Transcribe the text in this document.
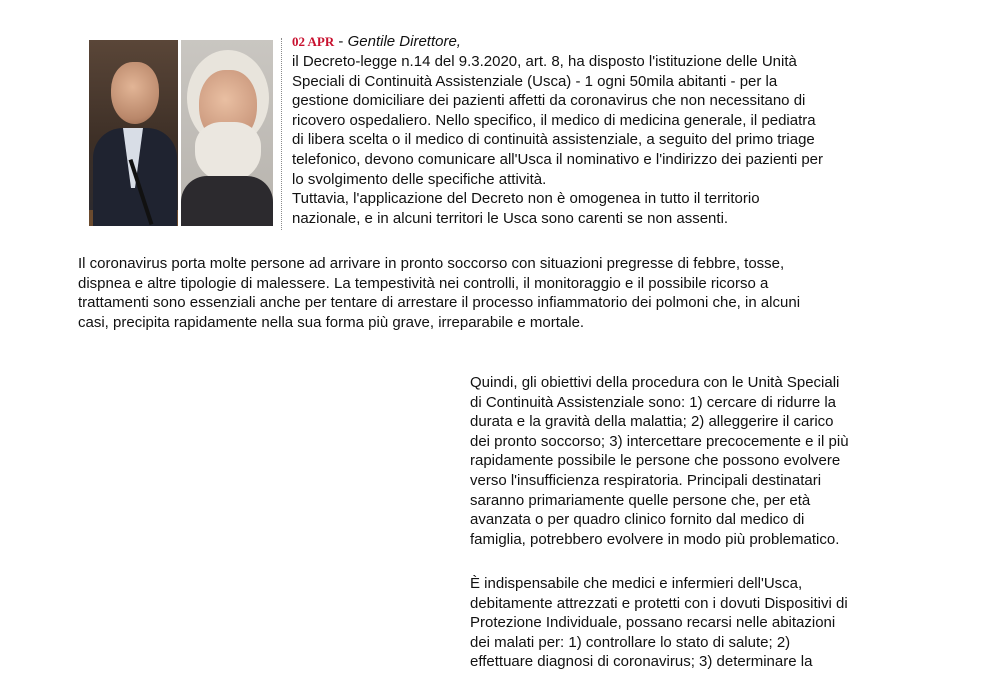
02 APR - Gentile Direttore,
il Decreto-legge n.14 del 9.3.2020, art. 8, ha disposto l'istituzione delle Unità
Speciali di Continuità Assistenziale (Usca) - 1 ogni 50mila abitanti - per la
gestione domiciliare dei pazienti affetti da coronavirus che non necessitano di
ricovero ospedaliero. Nello specifico, il medico di medicina generale, il pediatra
di libera scelta o il medico di continuità assistenziale, a seguito del primo triage
telefonico, devono comunicare all'Usca il nominativo e l'indirizzo dei pazienti per
lo svolgimento delle specifiche attività.
Tuttavia, l'applicazione del Decreto non è omogenea in tutto il territorio
nazionale, e in alcuni territori le Usca sono carenti se non assenti.
Il coronavirus porta molte persone ad arrivare in pronto soccorso con situazioni pregresse di febbre, tosse,
dispnea e altre tipologie di malessere. La tempestività nei controlli, il monitoraggio e il possibile ricorso a
trattamenti sono essenziali anche per tentare di arrestare il processo infiammatorio dei polmoni che, in alcuni
casi, precipita rapidamente nella sua forma più grave, irreparabile e mortale.
Quindi, gli obiettivi della procedura con le Unità Speciali
di Continuità Assistenziale sono: 1) cercare di ridurre la
durata e la gravità della malattia; 2) alleggerire il carico
dei pronto soccorso; 3) intercettare precocemente e il più
rapidamente possibile le persone che possono evolvere
verso l'insufficienza respiratoria. Principali destinatari
saranno primariamente quelle persone che, per età
avanzata o per quadro clinico fornito dal medico di
famiglia, potrebbero evolvere in modo più problematico.
È indispensabile che medici e infermieri dell'Usca,
debitamente attrezzati e protetti con i dovuti Dispositivi di
Protezione Individuale, possano recarsi nelle abitazioni
dei malati per: 1) controllare lo stato di salute; 2)
effettuare diagnosi di coronavirus; 3) determinare la
